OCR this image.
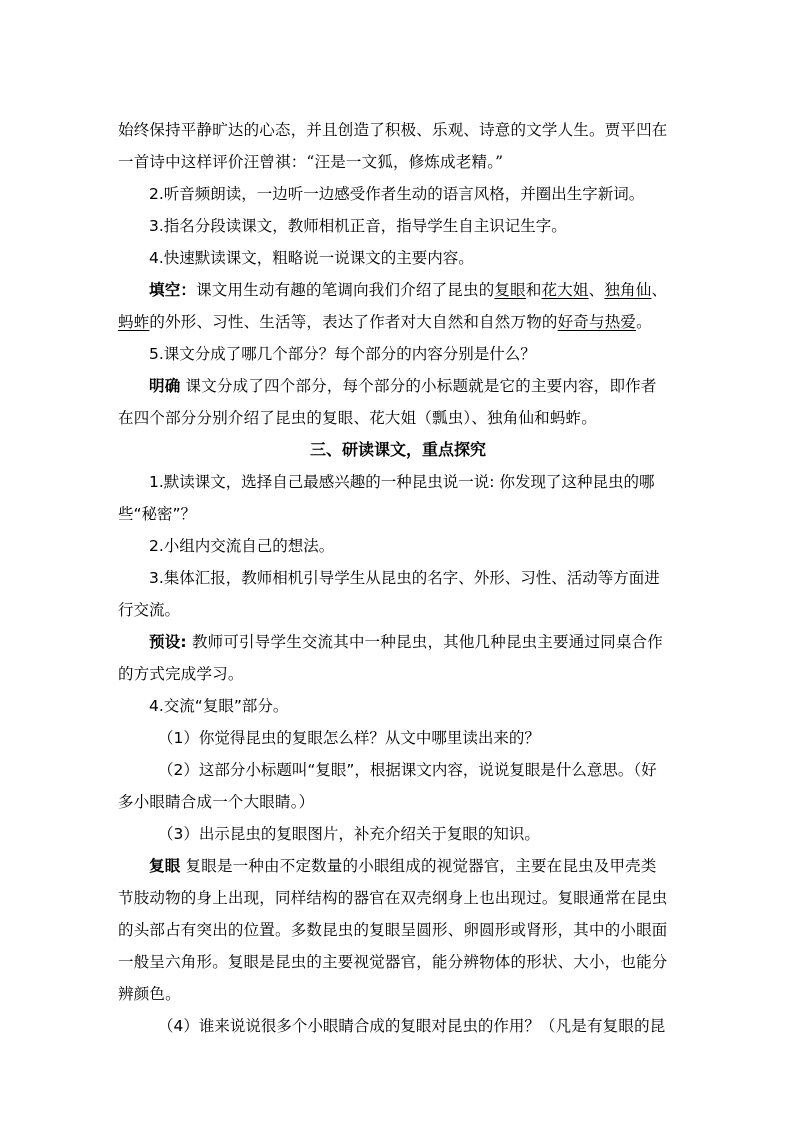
始终保持平静旷达的心态，并且创造了积极、乐观、诗意的文学人生。贾平凹在
一首诗中这样评价汪曾祺：“汪是一文狐，修炼成老精。”
2.听音频朗读，一边听一边感受作者生动的语言风格，并圈出生字新词。
3.指名分段读课文，教师相机正音，指导学生自主识记生字。
4.快速默读课文，粗略说一说课文的主要内容。
填空：课文用生动有趣的笔调向我们介绍了昆虫的复眼和花大姐、独角仙、
蚂蚱的外形、习性、生活等，表达了作者对大自然和自然万物的好奇与热爱。
5.课文分成了哪几个部分？每个部分的内容分别是什么？
明确 课文分成了四个部分，每个部分的小标题就是它的主要内容，即作者
在四个部分分别介绍了昆虫的复眼、花大姐（瓢虫）、独角仙和蚂蚱。
三、研读课文，重点探究
1.默读课文，选择自己最感兴趣的一种昆虫说一说: 你发现了这种昆虫的哪
些“秘密”？
2.小组内交流自己的想法。
3.集体汇报，教师相机引导学生从昆虫的名字、外形、习性、活动等方面进
行交流。
预设: 教师可引导学生交流其中一种昆虫，其他几种昆虫主要通过同桌合作
的方式完成学习。
4.交流“复眼”部分。
（1）你觉得昆虫的复眼怎么样？从文中哪里读出来的？
（2）这部分小标题叫“复眼”，根据课文内容，说说复眼是什么意思。（好
多小眼睛合成一个大眼睛。）
（3）出示昆虫的复眼图片，补充介绍关于复眼的知识。
复眼 复眼是一种由不定数量的小眼组成的视觉器官，主要在昆虫及甲壳类
节肢动物的身上出现，同样结构的器官在双壳纲身上也出现过。复眼通常在昆虫
的头部占有突出的位置。多数昆虫的复眼呈圆形、卵圆形或肾形，其中的小眼面
一般呈六角形。复眼是昆虫的主要视觉器官，能分辨物体的形状、大小，也能分
辨颜色。
（4）谁来说说很多个小眼睛合成的复眼对昆虫的作用？（凡是有复眼的昆
